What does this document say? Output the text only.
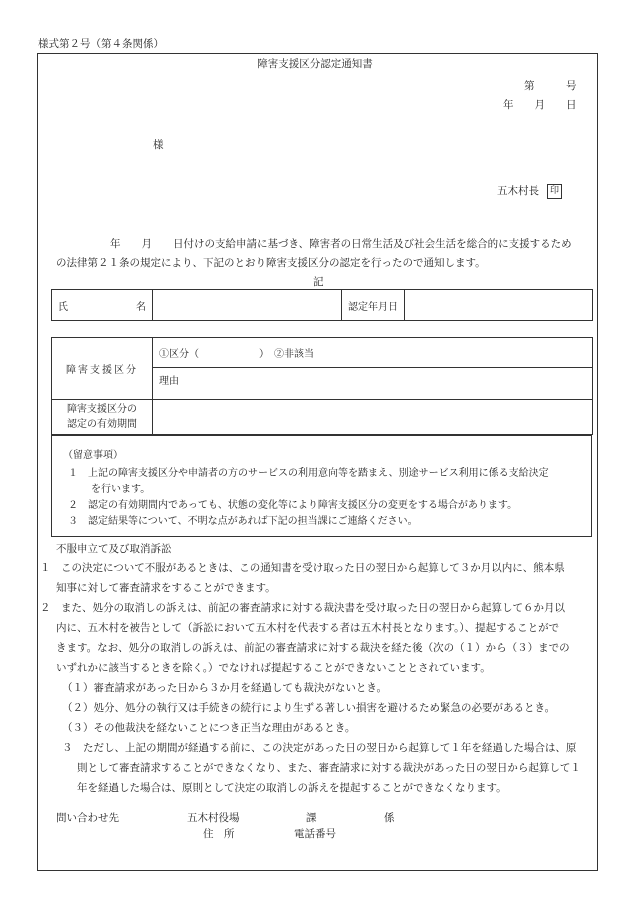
様式第２号（第４条関係）
障害支援区分認定通知書
第　　　号
年　　月　　日
様
五木村長 印
年　　月　　日付けの支給申請に基づき、障害者の日常生活及び社会生活を総合的に支援するため
の法律第２１条の規定により、下記のとおり障害支援区分の認定を行ったので通知します。
記
氏	名		認定年月日	
障害支援区分	①区分（　　　　　　）　②非該当
	理由
障害支援区分の
認定の有効期間	
（留意事項）
１　上記の障害支援区分や申請者の方のサービスの利用意向等を踏まえ、別途サービス利用に係る支給決定
を行います。
２　認定の有効期間内であっても、状態の変化等により障害支援区分の変更をする場合があります。
３　認定結果等について、不明な点があれば下記の担当課にご連絡ください。
不服申立て及び取消訴訟
１　この決定について不服があるときは、この通知書を受け取った日の翌日から起算して３か月以内に、熊本県
知事に対して審査請求をすることができます。
２　また、処分の取消しの訴えは、前記の審査請求に対する裁決書を受け取った日の翌日から起算して６か月以
内に、五木村を被告として（訴訟において五木村を代表する者は五木村長となります。）、提起することがで
きます。なお、処分の取消しの訴えは、前記の審査請求に対する裁決を経た後（次の（１）から（３）までの
いずれかに該当するときを除く。）でなければ提起することができないこととされています。
（１）審査請求があった日から３か月を経過しても裁決がないとき。
（２）処分、処分の執行又は手続きの続行により生ずる著しい損害を避けるため緊急の必要があるとき。
（３）その他裁決を経ないことにつき正当な理由があるとき。
３　ただし、上記の期間が経過する前に、この決定があった日の翌日から起算して１年を経過した場合は、原
則として審査請求することができなくなり、また、審査請求に対する裁決があった日の翌日から起算して１
年を経過した場合は、原則として決定の取消しの訴えを提起することができなくなります。
問い合わせ先	五木村役場	課	係
住　所	電話番号
